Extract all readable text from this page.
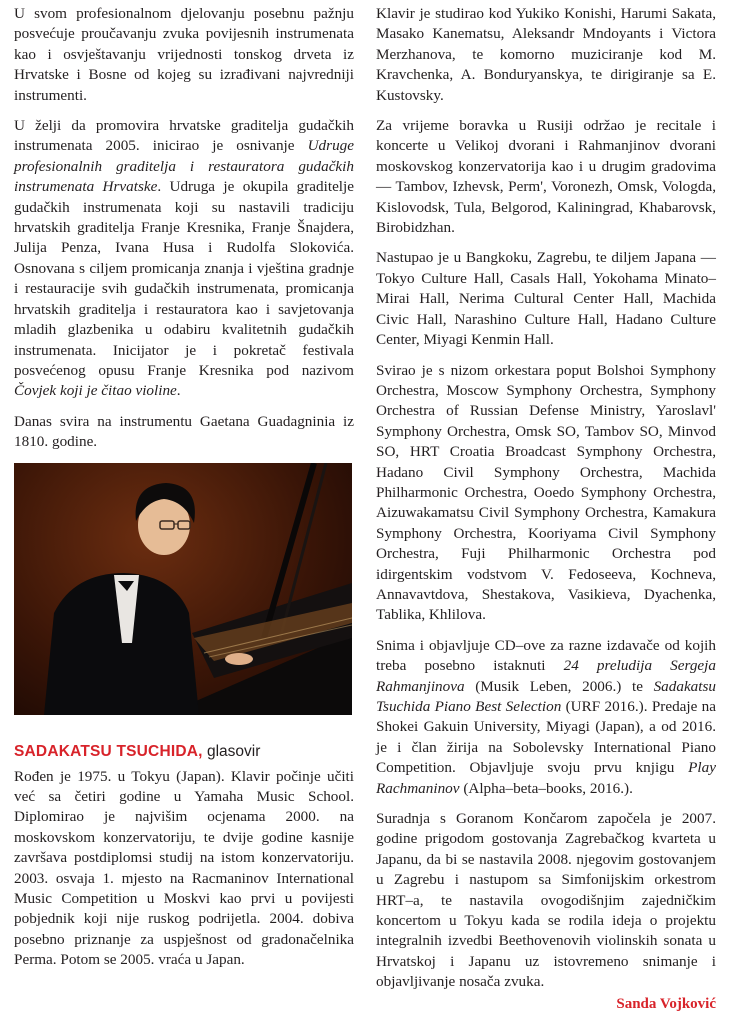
U svom profesionalnom djelovanju posebnu pažnju posvećuje proučavanju zvuka povijesnih instrumenata kao i osvještavanju vrijednosti tonskog drveta iz Hrvatske i Bosne od kojeg su izrađivani najvredniji instrumenti.

U želji da promovira hrvatske graditelja gudačkih instrumenata 2005. inicirao je osnivanje Udruge profesionalnih graditelja i restauratora gudačkih instrumenata Hrvatske. Udruga je okupila graditelje gudačkih instrumenata koji su nastavili tradiciju hrvatskih graditelja Franje Kresnika, Franje Šnajdera, Julija Penza, Ivana Husa i Rudolfa Slokovića. Osnovana s ciljem promicanja znanja i vještina gradnje i restauracije svih gudačkih instrumenata, promicanja hrvatskih graditelja i restauratora kao i savjetovanja mladih glazbenika u odabiru kvalitetnih gudačkih instrumenata. Inicijator je i pokretač festivala posvećenog opusu Franje Kresnika pod nazivom Čovjek koji je čitao violine.

Danas svira na instrumentu Gaetana Guadagninia iz 1810. godine.

SADAKATSU TSUCHIDA, glasovir

Rođen je 1975. u Tokyu (Japan). Klavir počinje učiti već sa četiri godine u Yamaha Music School. Diplomirao je najvišim ocjenama 2000. na moskovskom konzervatoriju, te dvije godine kasnije završava postdiplomsi studij na istom konzervatoriju. 2003. osvaja 1. mjesto na Racmaninov International Music Competition u Moskvi kao prvi u povijesti pobjednik koji nije ruskog podrijetla. 2004. dobiva posebno priznanje za uspješnost od gradonačelnika Perma. Potom se 2005. vraća u Japan.

Klavir je studirao kod Yukiko Konishi, Harumi Sakata, Masako Kanematsu, Aleksandr Mndoyants i Victora Merzhanova, te komorno muziciranje kod M. Kravchenka, A. Bonduryanskya, te dirigiranje sa E. Kustovsky.

Za vrijeme boravka u Rusiji održao je recitale i koncerte u Velikoj dvorani i Rahmanjinov dvorani moskovskog konzervatorija kao i u drugim gradovima — Tambov, Izhevsk, Perm', Voronezh, Omsk, Vologda, Kislovodsk, Tula, Belgorod, Kaliningrad, Khabarovsk, Birobidzhan.

Nastupao je u Bangkoku, Zagrebu, te diljem Japana — Tokyo Culture Hall, Casals Hall, Yokohama Minato–Mirai Hall, Nerima Cultural Center Hall, Machida Civic Hall, Narashino Culture Hall, Hadano Culture Center, Miyagi Kenmin Hall.

Svirao je s nizom orkestara poput Bolshoi Symphony Orchestra, Moscow Symphony Orchestra, Symphony Orchestra of Russian Defense Ministry, Yaroslavl' Symphony Orchestra, Omsk SO, Tambov SO, Minvod SO, HRT Croatia Broadcast Symphony Orchestra, Hadano Civil Symphony Orchestra, Machida Philharmonic Orchestra, Ooedo Symphony Orchestra, Aizuwakamatsu Civil Symphony Orchestra, Kamakura Symphony Orchestra, Kooriyama Civil Symphony Orchestra, Fuji Philharmonic Orchestra pod idirgentskim vodstvom V. Fedoseeva, Kochneva, Annavavtdova, Shestakova, Vasikieva, Dyachenka, Tablika, Khlilova.

Snima i objavljuje CD–ove za razne izdavače od kojih treba posebno istaknuti 24 preludija Sergeja Rahmanjinova (Musik Leben, 2006.) te Sadakatsu Tsuchida Piano Best Selection (URF 2016.). Predaje na Shokei Gakuin University, Miyagi (Japan), a od 2016. je i član žirija na Sobolevsky International Piano Competition. Objavljuje svoju prvu knjigu Play Rachmaninov (Alpha–beta–books, 2016.).

Suradnja s Goranom Končarom započela je 2007. godine prigodom gostovanja Zagrebačkog kvarteta u Japanu, da bi se nastavila 2008. njegovim gostovanjem u Zagrebu i nastupom sa Simfonijskim orkestrom HRT–a, te nastavila ovogodišnjim zajedničkim koncertom u Tokyu kada se rodila ideja o projektu integralnih izvedbi Beethovenovih violinskih sonata u Hrvatskoj i Japanu uz istovremeno snimanje i objavljivanje nosača zvuka.

Sanda Vojković
